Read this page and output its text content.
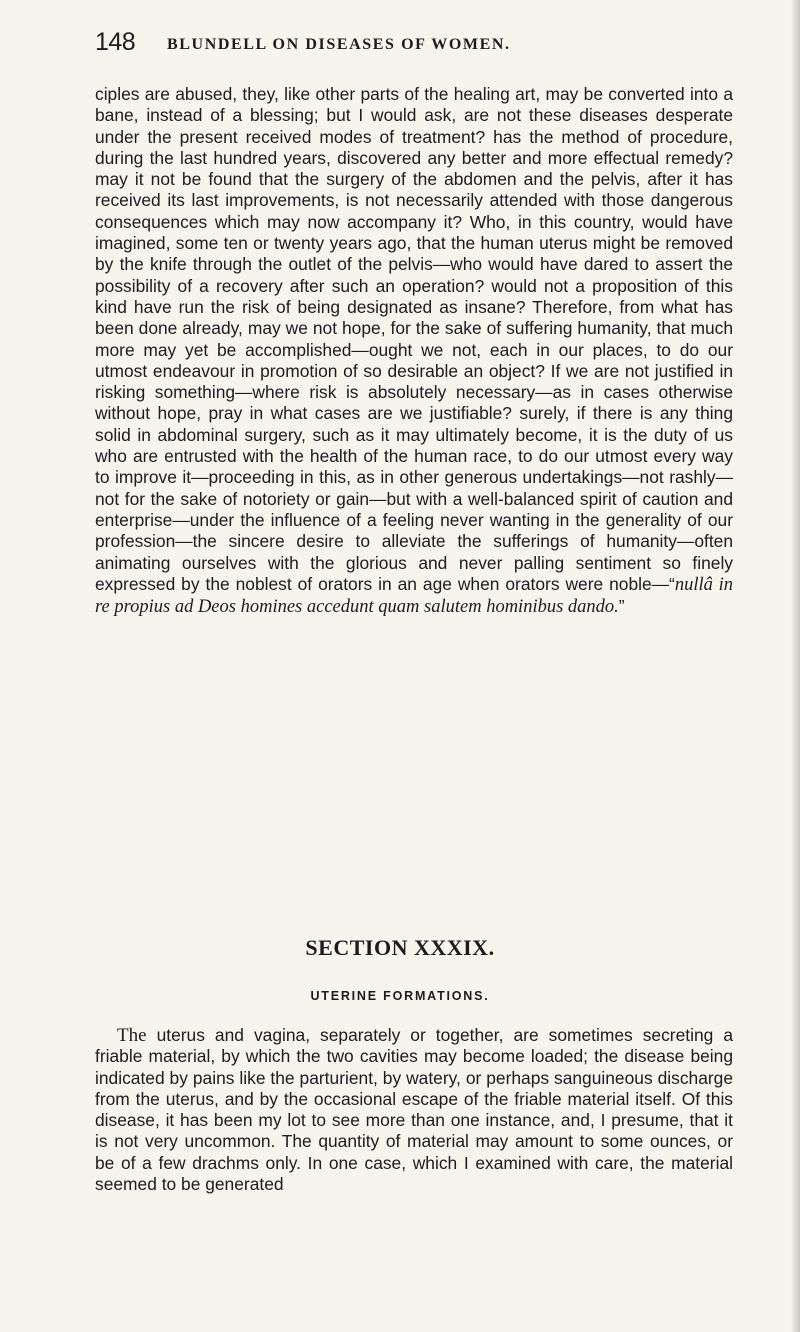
148 BLUNDELL ON DISEASES OF WOMEN.

ciples are abused, they, like other parts of the healing art, may be converted into a bane, instead of a blessing; but I would ask, are not these diseases desperate under the present received modes of treatment? has the method of procedure, during the last hundred years, discovered any better and more effectual remedy? may it not be found that the surgery of the abdomen and the pelvis, after it has received its last improvements, is not necessarily attended with those dangerous consequences which may now accompany it? Who, in this country, would have imagined, some ten or twenty years ago, that the human uterus might be removed by the knife through the outlet of the pelvis—who would have dared to assert the possibility of a recovery after such an operation? would not a proposition of this kind have run the risk of being designated as insane? Therefore, from what has been done already, may we not hope, for the sake of suffering humanity, that much more may yet be accomplished—ought we not, each in our places, to do our utmost endeavour in promotion of so desirable an object? If we are not justified in risking something—where risk is absolutely necessary—as in cases otherwise without hope, pray in what cases are we justifiable? surely, if there is any thing solid in abdominal surgery, such as it may ultimately become, it is the duty of us who are entrusted with the health of the human race, to do our utmost every way to improve it—proceeding in this, as in other generous undertakings—not rashly—not for the sake of notoriety or gain—but with a well-balanced spirit of caution and enterprise—under the influence of a feeling never wanting in the generality of our profession—the sincere desire to alleviate the sufferings of humanity—often animating ourselves with the glorious and never palling sentiment so finely expressed by the noblest of orators in an age when orators were noble—“nullâ in re propius ad Deos homines accedunt quam salutem hominibus dando.”

SECTION XXXIX.
UTERINE FORMATIONS.

The uterus and vagina, separately or together, are sometimes secreting a friable material, by which the two cavities may become loaded; the disease being indicated by pains like the parturient, by watery, or perhaps sanguineous discharge from the uterus, and by the occasional escape of the friable material itself. Of this disease, it has been my lot to see more than one instance, and, I presume, that it is not very uncommon. The quantity of material may amount to some ounces, or be of a few drachms only. In one case, which I examined with care, the material seemed to be generated
